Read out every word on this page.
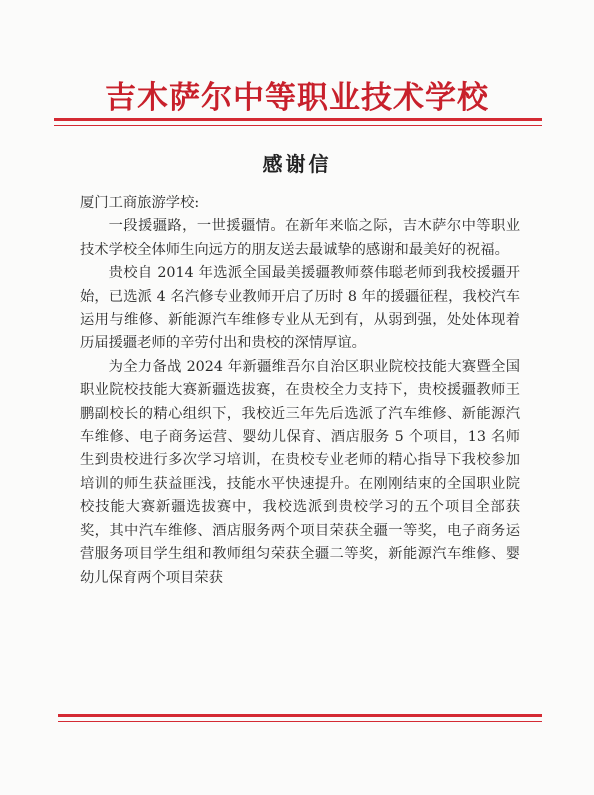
吉木萨尔中等职业技术学校
感谢信

厦门工商旅游学校:

一段援疆路，一世援疆情。在新年来临之际，吉木萨尔中等职业技术学校全体师生向远方的朋友送去最诚挚的感谢和最美好的祝福。

贵校自 2014 年选派全国最美援疆教师蔡伟聪老师到我校援疆开始，已选派 4 名汽修专业教师开启了历时 8 年的援疆征程，我校汽车运用与维修、新能源汽车维修专业从无到有，从弱到强，处处体现着历届援疆老师的辛劳付出和贵校的深情厚谊。

为全力备战 2024 年新疆维吾尔自治区职业院校技能大赛暨全国职业院校技能大赛新疆选拔赛，在贵校全力支持下，贵校援疆教师王鹏副校长的精心组织下，我校近三年先后选派了汽车维修、新能源汽车维修、电子商务运营、婴幼儿保育、酒店服务 5 个项目，13 名师生到贵校进行多次学习培训，在贵校专业老师的精心指导下我校参加培训的师生获益匪浅，技能水平快速提升。在刚刚结束的全国职业院校技能大赛新疆选拔赛中，我校选派到贵校学习的五个项目全部获奖，其中汽车维修、酒店服务两个项目荣获全疆一等奖，电子商务运营服务项目学生组和教师组匀荣获全疆二等奖，新能源汽车维修、婴幼儿保育两个项目荣获
